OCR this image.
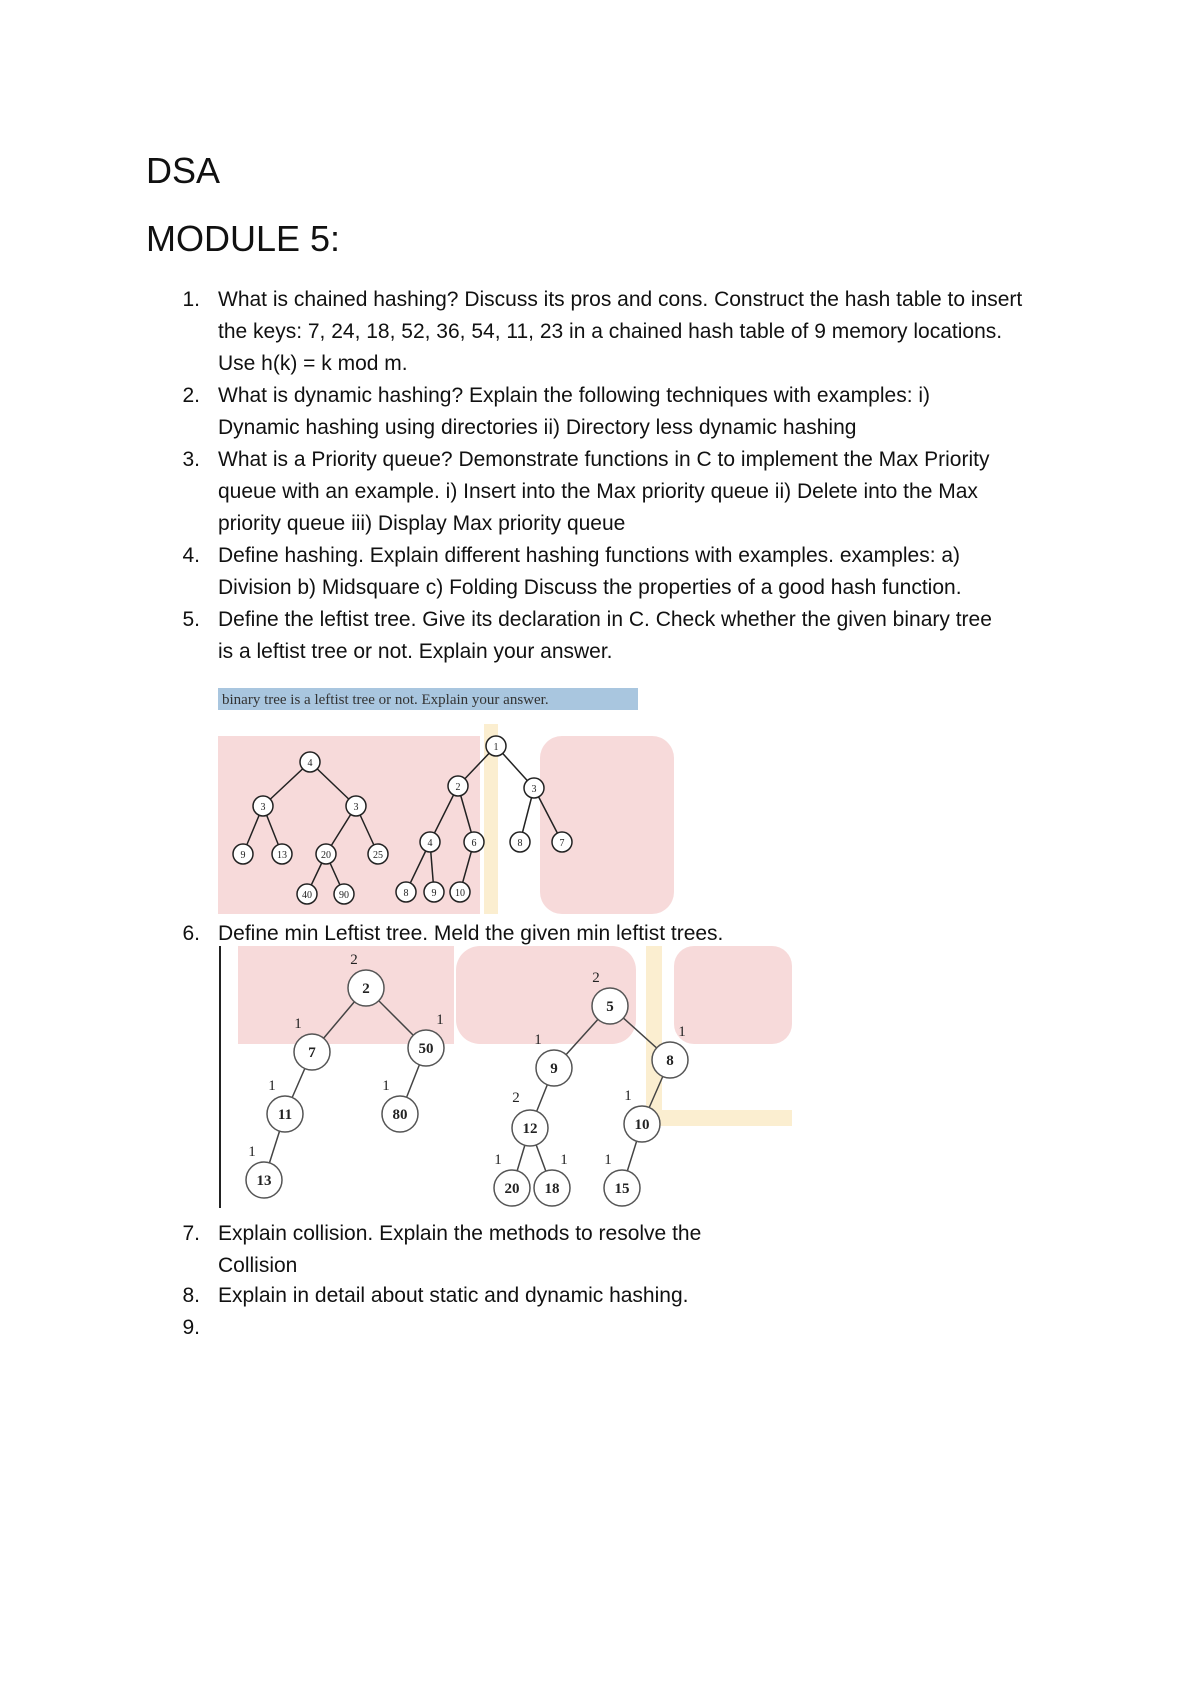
DSA
MODULE 5:
1. What is chained hashing? Discuss its pros and cons. Construct the hash table to insert
the keys: 7, 24, 18, 52, 36, 54, 11, 23 in a chained hash table of 9 memory locations.
Use h(k) = k mod m.
2. What is dynamic hashing? Explain the following techniques with examples: i)
Dynamic hashing using directories ii) Directory less dynamic hashing
3. What is a Priority queue? Demonstrate functions in C to implement the Max Priority
queue with an example. i) Insert into the Max priority queue ii) Delete into the Max
priority queue iii) Display Max priority queue
4. Define hashing. Explain different hashing functions with examples. examples: a)
Division b) Midsquare c) Folding Discuss the properties of a good hash function.
5. Define the leftist tree. Give its declaration in C. Check whether the given binary tree
is a leftist tree or not. Explain your answer.
binary tree is a leftist tree or not. Explain your answer.
4
3	3
9	13	20	25
40	90
1
2	3
4	6	8	7
8 9 10
6. Define min Leftist tree. Meld the given min leftist trees.
2
7	50
11	80
13
5
9	8
12	10
20 18	15
2
1	1
1	1
1
2
1	1
2	1
1	1 1
7. Explain collision. Explain the methods to resolve the
Collision
8. Explain in detail about static and dynamic hashing.
9.
